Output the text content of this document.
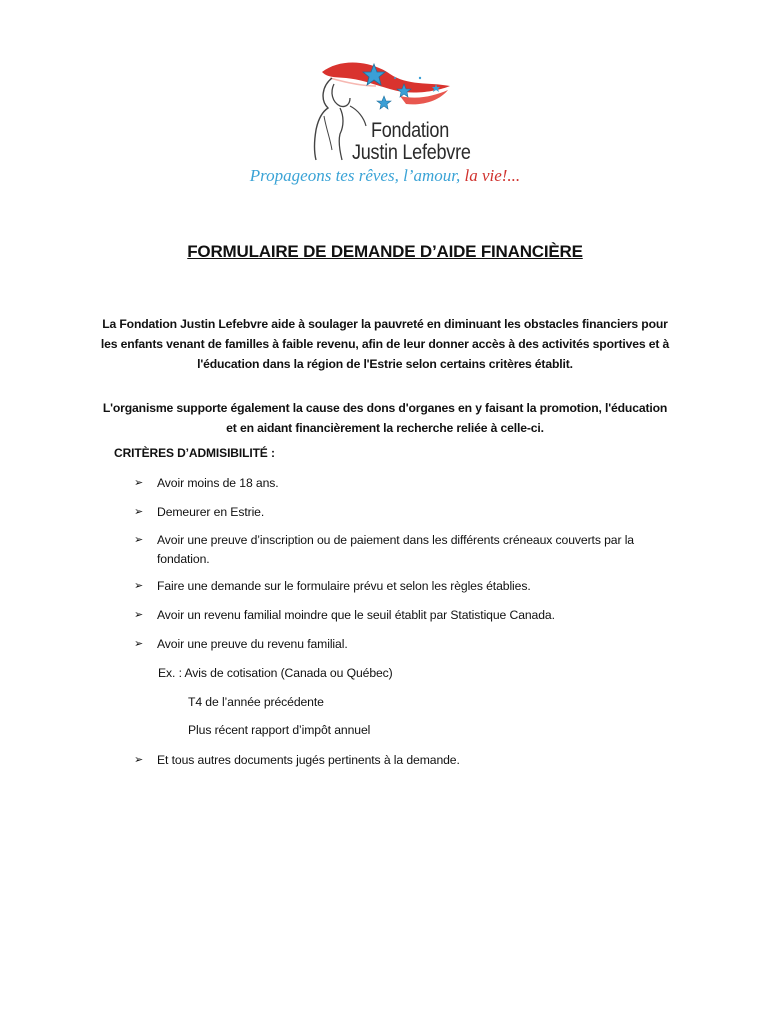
Fondation
Justin Lefebvre
Propageons tes rêves, l’amour, la vie!...
FORMULAIRE DE DEMANDE D’AIDE FINANCIÈRE
La Fondation Justin Lefebvre aide à soulager la pauvreté en diminuant les obstacles financiers pour les enfants venant de familles à faible revenu, afin de leur donner accès à des activités sportives et à l'éducation dans la région de l'Estrie selon certains critères établit.
L'organisme supporte également la cause des dons d'organes en y faisant la promotion, l'éducation et en aidant financièrement la recherche reliée à celle-ci.
CRITÈRES D’ADMISIBILITÉ :
➢ Avoir moins de 18 ans.
➢ Demeurer en Estrie.
➢ Avoir une preuve d’inscription ou de paiement dans les différents créneaux couverts par la fondation.
➢ Faire une demande sur le formulaire prévu et selon les règles établies.
➢ Avoir un revenu familial moindre que le seuil établit par Statistique Canada.
➢ Avoir une preuve du revenu familial.
Ex. : Avis de cotisation (Canada ou Québec)
T4 de l’année précédente
Plus récent rapport d’impôt annuel
➢ Et tous autres documents jugés pertinents à la demande.
